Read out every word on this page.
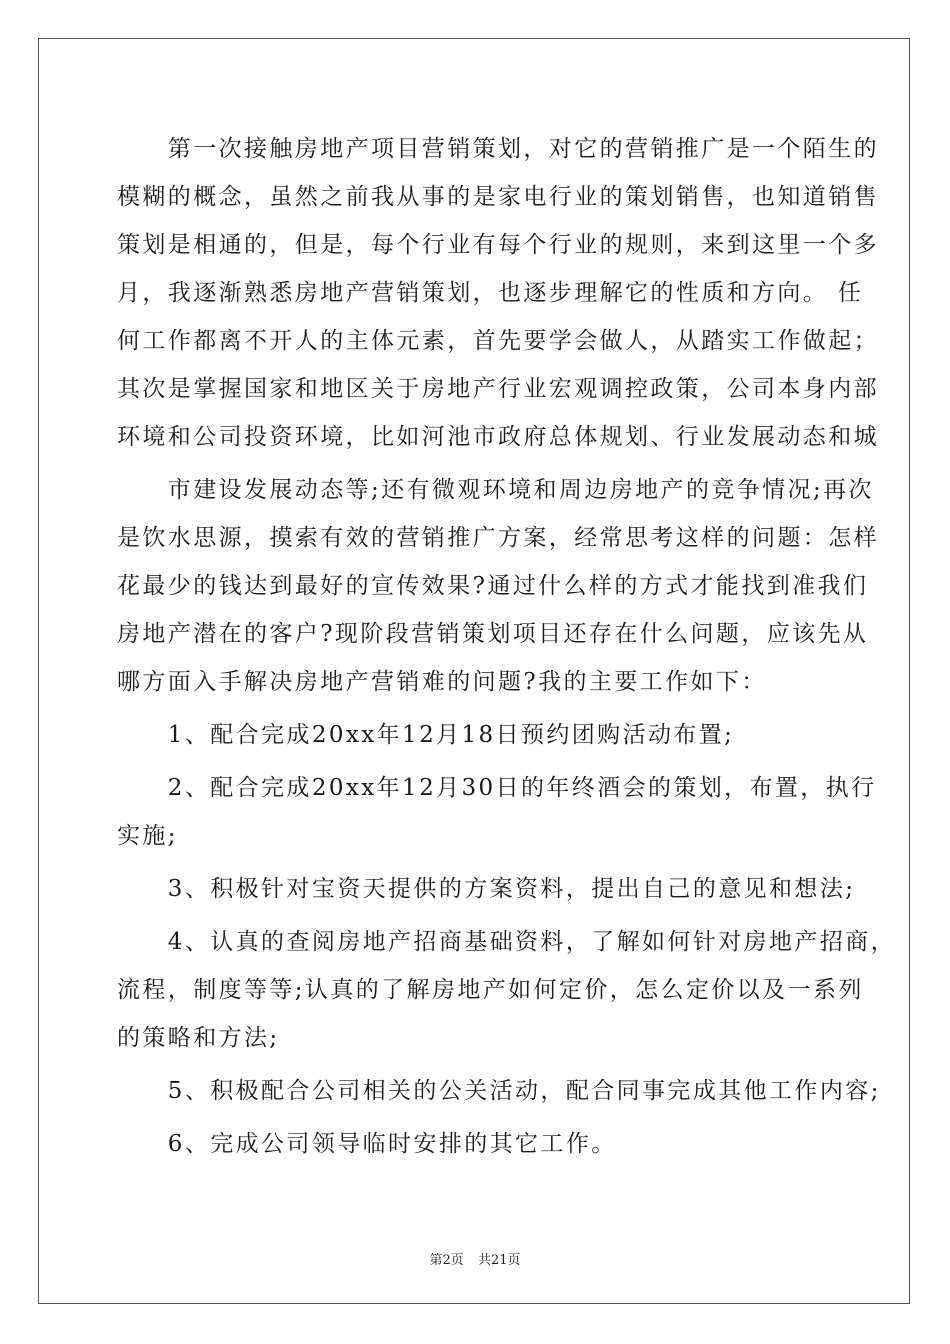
　　第一次接触房地产项目营销策划，对它的营销推广是一个陌生的
模糊的概念，虽然之前我从事的是家电行业的策划销售，也知道销售
策划是相通的，但是，每个行业有每个行业的规则，来到这里一个多
月，我逐渐熟悉房地产营销策划，也逐步理解它的性质和方向。 任
何工作都离不开人的主体元素，首先要学会做人，从踏实工作做起；
其次是掌握国家和地区关于房地产行业宏观调控政策，公司本身内部
环境和公司投资环境，比如河池市政府总体规划、行业发展动态和城
　　市建设发展动态等;还有微观环境和周边房地产的竞争情况;再次
是饮水思源，摸索有效的营销推广方案，经常思考这样的问题：怎样
花最少的钱达到最好的宣传效果?通过什么样的方式才能找到准我们
房地产潜在的客户?现阶段营销策划项目还存在什么问题，应该先从
哪方面入手解决房地产营销难的问题?我的主要工作如下：
　　1、配合完成20xx年12月18日预约团购活动布置;
　　2、配合完成20xx年12月30日的年终酒会的策划，布置，执行
实施;
　　3、积极针对宝资天提供的方案资料，提出自己的意见和想法;
　　4、认真的查阅房地产招商基础资料，了解如何针对房地产招商，
流程，制度等等;认真的了解房地产如何定价，怎么定价以及一系列
的策略和方法;
　　5、积极配合公司相关的公关活动，配合同事完成其他工作内容;
　　6、完成公司领导临时安排的其它工作。
第2页 共21页
